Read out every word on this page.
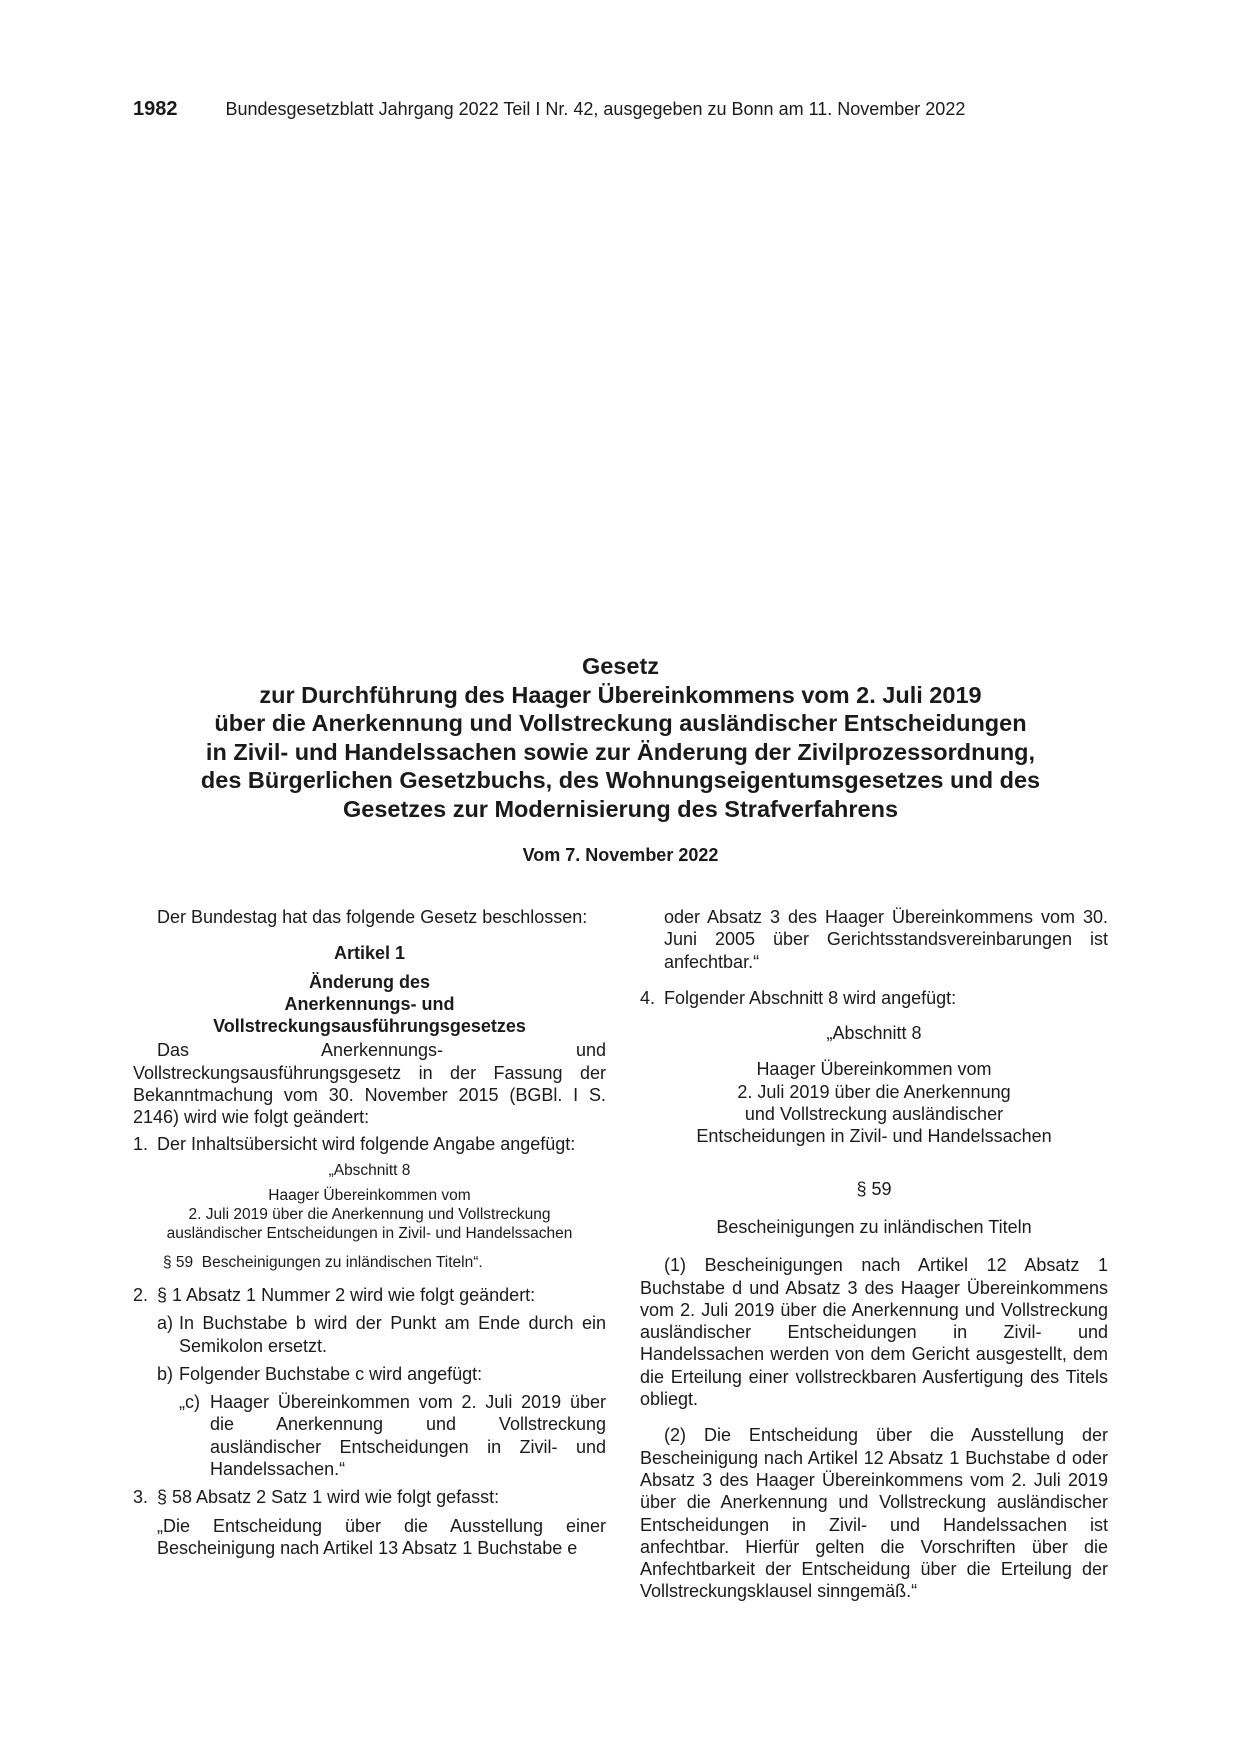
1982	Bundesgesetzblatt Jahrgang 2022 Teil I Nr. 42, ausgegeben zu Bonn am 11. November 2022
Gesetz
zur Durchführung des Haager Übereinkommens vom 2. Juli 2019
über die Anerkennung und Vollstreckung ausländischer Entscheidungen
in Zivil- und Handelssachen sowie zur Änderung der Zivilprozessordnung,
des Bürgerlichen Gesetzbuchs, des Wohnungseigentumsgesetzes und des
Gesetzes zur Modernisierung des Strafverfahrens
Vom 7. November 2022

Der Bundestag hat das folgende Gesetz beschlossen:

Artikel 1
Änderung des
Anerkennungs- und
Vollstreckungsausführungsgesetzes

Das Anerkennungs- und Vollstreckungsausführungsgesetz in der Fassung der Bekanntmachung vom 30. November 2015 (BGBl. I S. 2146) wird wie folgt geändert:

1. Der Inhaltsübersicht wird folgende Angabe angefügt:
„Abschnitt 8
Haager Übereinkommen vom
2. Juli 2019 über die Anerkennung und Vollstreckung
ausländischer Entscheidungen in Zivil- und Handelssachen
§ 59 Bescheinigungen zu inländischen Titeln“.
2. § 1 Absatz 1 Nummer 2 wird wie folgt geändert:
a) In Buchstabe b wird der Punkt am Ende durch ein Semikolon ersetzt.
b) Folgender Buchstabe c wird angefügt:
„c) Haager Übereinkommen vom 2. Juli 2019 über die Anerkennung und Vollstreckung ausländischer Entscheidungen in Zivil- und Handelssachen.“
3. § 58 Absatz 2 Satz 1 wird wie folgt gefasst:

„Die Entscheidung über die Ausstellung einer Bescheinigung nach Artikel 13 Absatz 1 Buchstabe e

oder Absatz 3 des Haager Übereinkommens vom 30. Juni 2005 über Gerichtsstandsvereinbarungen ist anfechtbar.“

4. Folgender Abschnitt 8 wird angefügt:
„Abschnitt 8
Haager Übereinkommen vom
2. Juli 2019 über die Anerkennung
und Vollstreckung ausländischer
Entscheidungen in Zivil- und Handelssachen
§ 59
Bescheinigungen zu inländischen Titeln

(1) Bescheinigungen nach Artikel 12 Absatz 1 Buchstabe d und Absatz 3 des Haager Übereinkommens vom 2. Juli 2019 über die Anerkennung und Vollstreckung ausländischer Entscheidungen in Zivil- und Handelssachen werden von dem Gericht ausgestellt, dem die Erteilung einer vollstreckbaren Ausfertigung des Titels obliegt.

(2) Die Entscheidung über die Ausstellung der Bescheinigung nach Artikel 12 Absatz 1 Buchstabe d oder Absatz 3 des Haager Übereinkommens vom 2. Juli 2019 über die Anerkennung und Vollstreckung ausländischer Entscheidungen in Zivil- und Handelssachen ist anfechtbar. Hierfür gelten die Vorschriften über die Anfechtbarkeit der Entscheidung über die Erteilung der Vollstreckungsklausel sinngemäß.“
